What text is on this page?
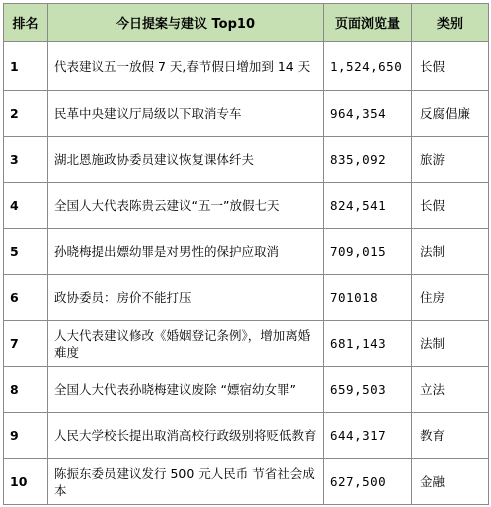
排名	今日提案与建议 Top10	页面浏览量	类别
1	代表建议五一放假 7 天,春节假日增加到 14 天	1,524,650	长假
2	民革中央建议厅局级以下取消专车	964,354	反腐倡廉
3	湖北恩施政协委员建议恢复课体纤夫	835,092	旅游
4	全国人大代表陈贵云建议“五一”放假七天	824,541	长假
5	孙晓梅提出嫖幼罪是对男性的保护应取消	709,015	法制
6	政协委员：房价不能打压	701018	住房
7	人大代表建议修改《婚姻登记条例》，增加离婚难度	681,143	法制
8	全国人大代表孙晓梅建议废除 “嫖宿幼女罪”	659,503	立法
9	人民大学校长提出取消高校行政级别将贬低教育	644,317	教育
10	陈振东委员建议发行 500 元人民币 节省社会成本	627,500	金融
